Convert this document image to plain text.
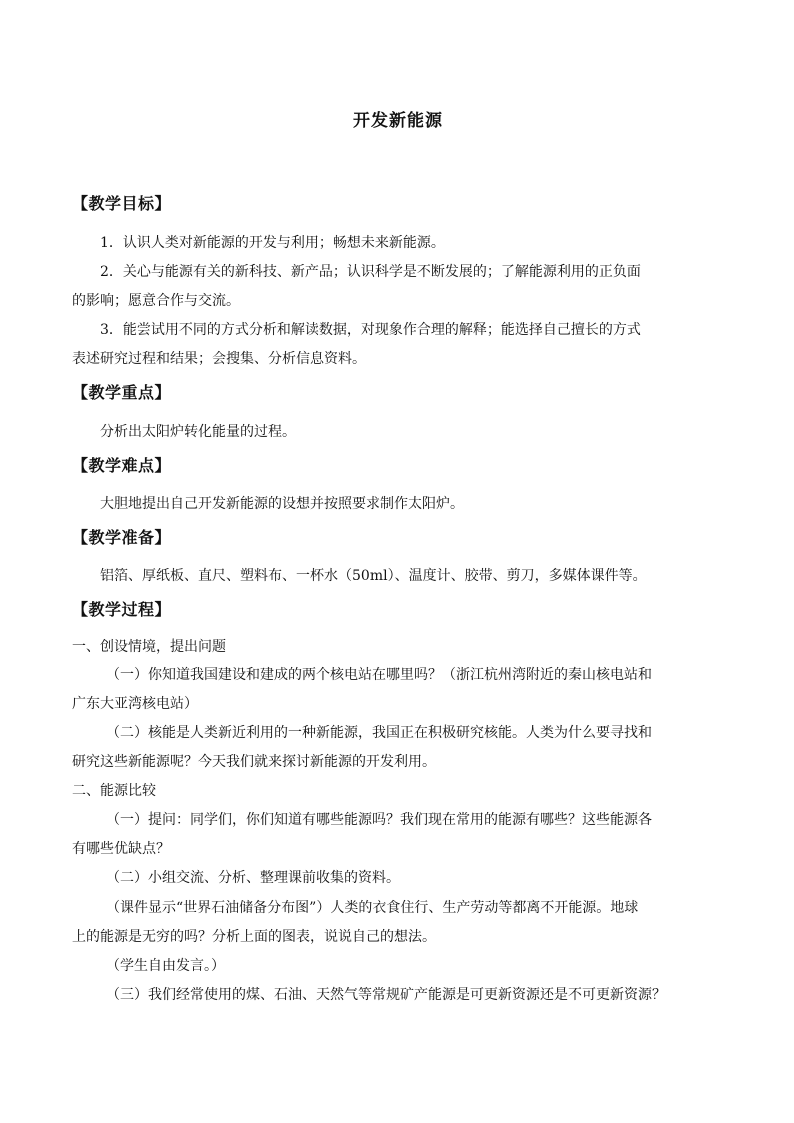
开发新能源
【教学目标】
1．认识人类对新能源的开发与利用；畅想未来新能源。
2．关心与能源有关的新科技、新产品；认识科学是不断发展的；了解能源利用的正负面
的影响；愿意合作与交流。
3．能尝试用不同的方式分析和解读数据，对现象作合理的解释；能选择自己擅长的方式
表述研究过程和结果；会搜集、分析信息资料。
【教学重点】
分析出太阳炉转化能量的过程。
【教学难点】
大胆地提出自己开发新能源的设想并按照要求制作太阳炉。
【教学准备】
铝箔、厚纸板、直尺、塑料布、一杯水（50ml）、温度计、胶带、剪刀，多媒体课件等。
【教学过程】
一、创设情境，提出问题
（一）你知道我国建设和建成的两个核电站在哪里吗？（浙江杭州湾附近的秦山核电站和
广东大亚湾核电站）
（二）核能是人类新近利用的一种新能源，我国正在积极研究核能。人类为什么要寻找和
研究这些新能源呢？今天我们就来探讨新能源的开发利用。
二、能源比较
（一）提问：同学们，你们知道有哪些能源吗？我们现在常用的能源有哪些？这些能源各
有哪些优缺点？
（二）小组交流、分析、整理课前收集的资料。
（课件显示“世界石油储备分布图”）人类的衣食住行、生产劳动等都离不开能源。地球
上的能源是无穷的吗？分析上面的图表，说说自己的想法。
（学生自由发言。）
（三）我们经常使用的煤、石油、天然气等常规矿产能源是可更新资源还是不可更新资源？
